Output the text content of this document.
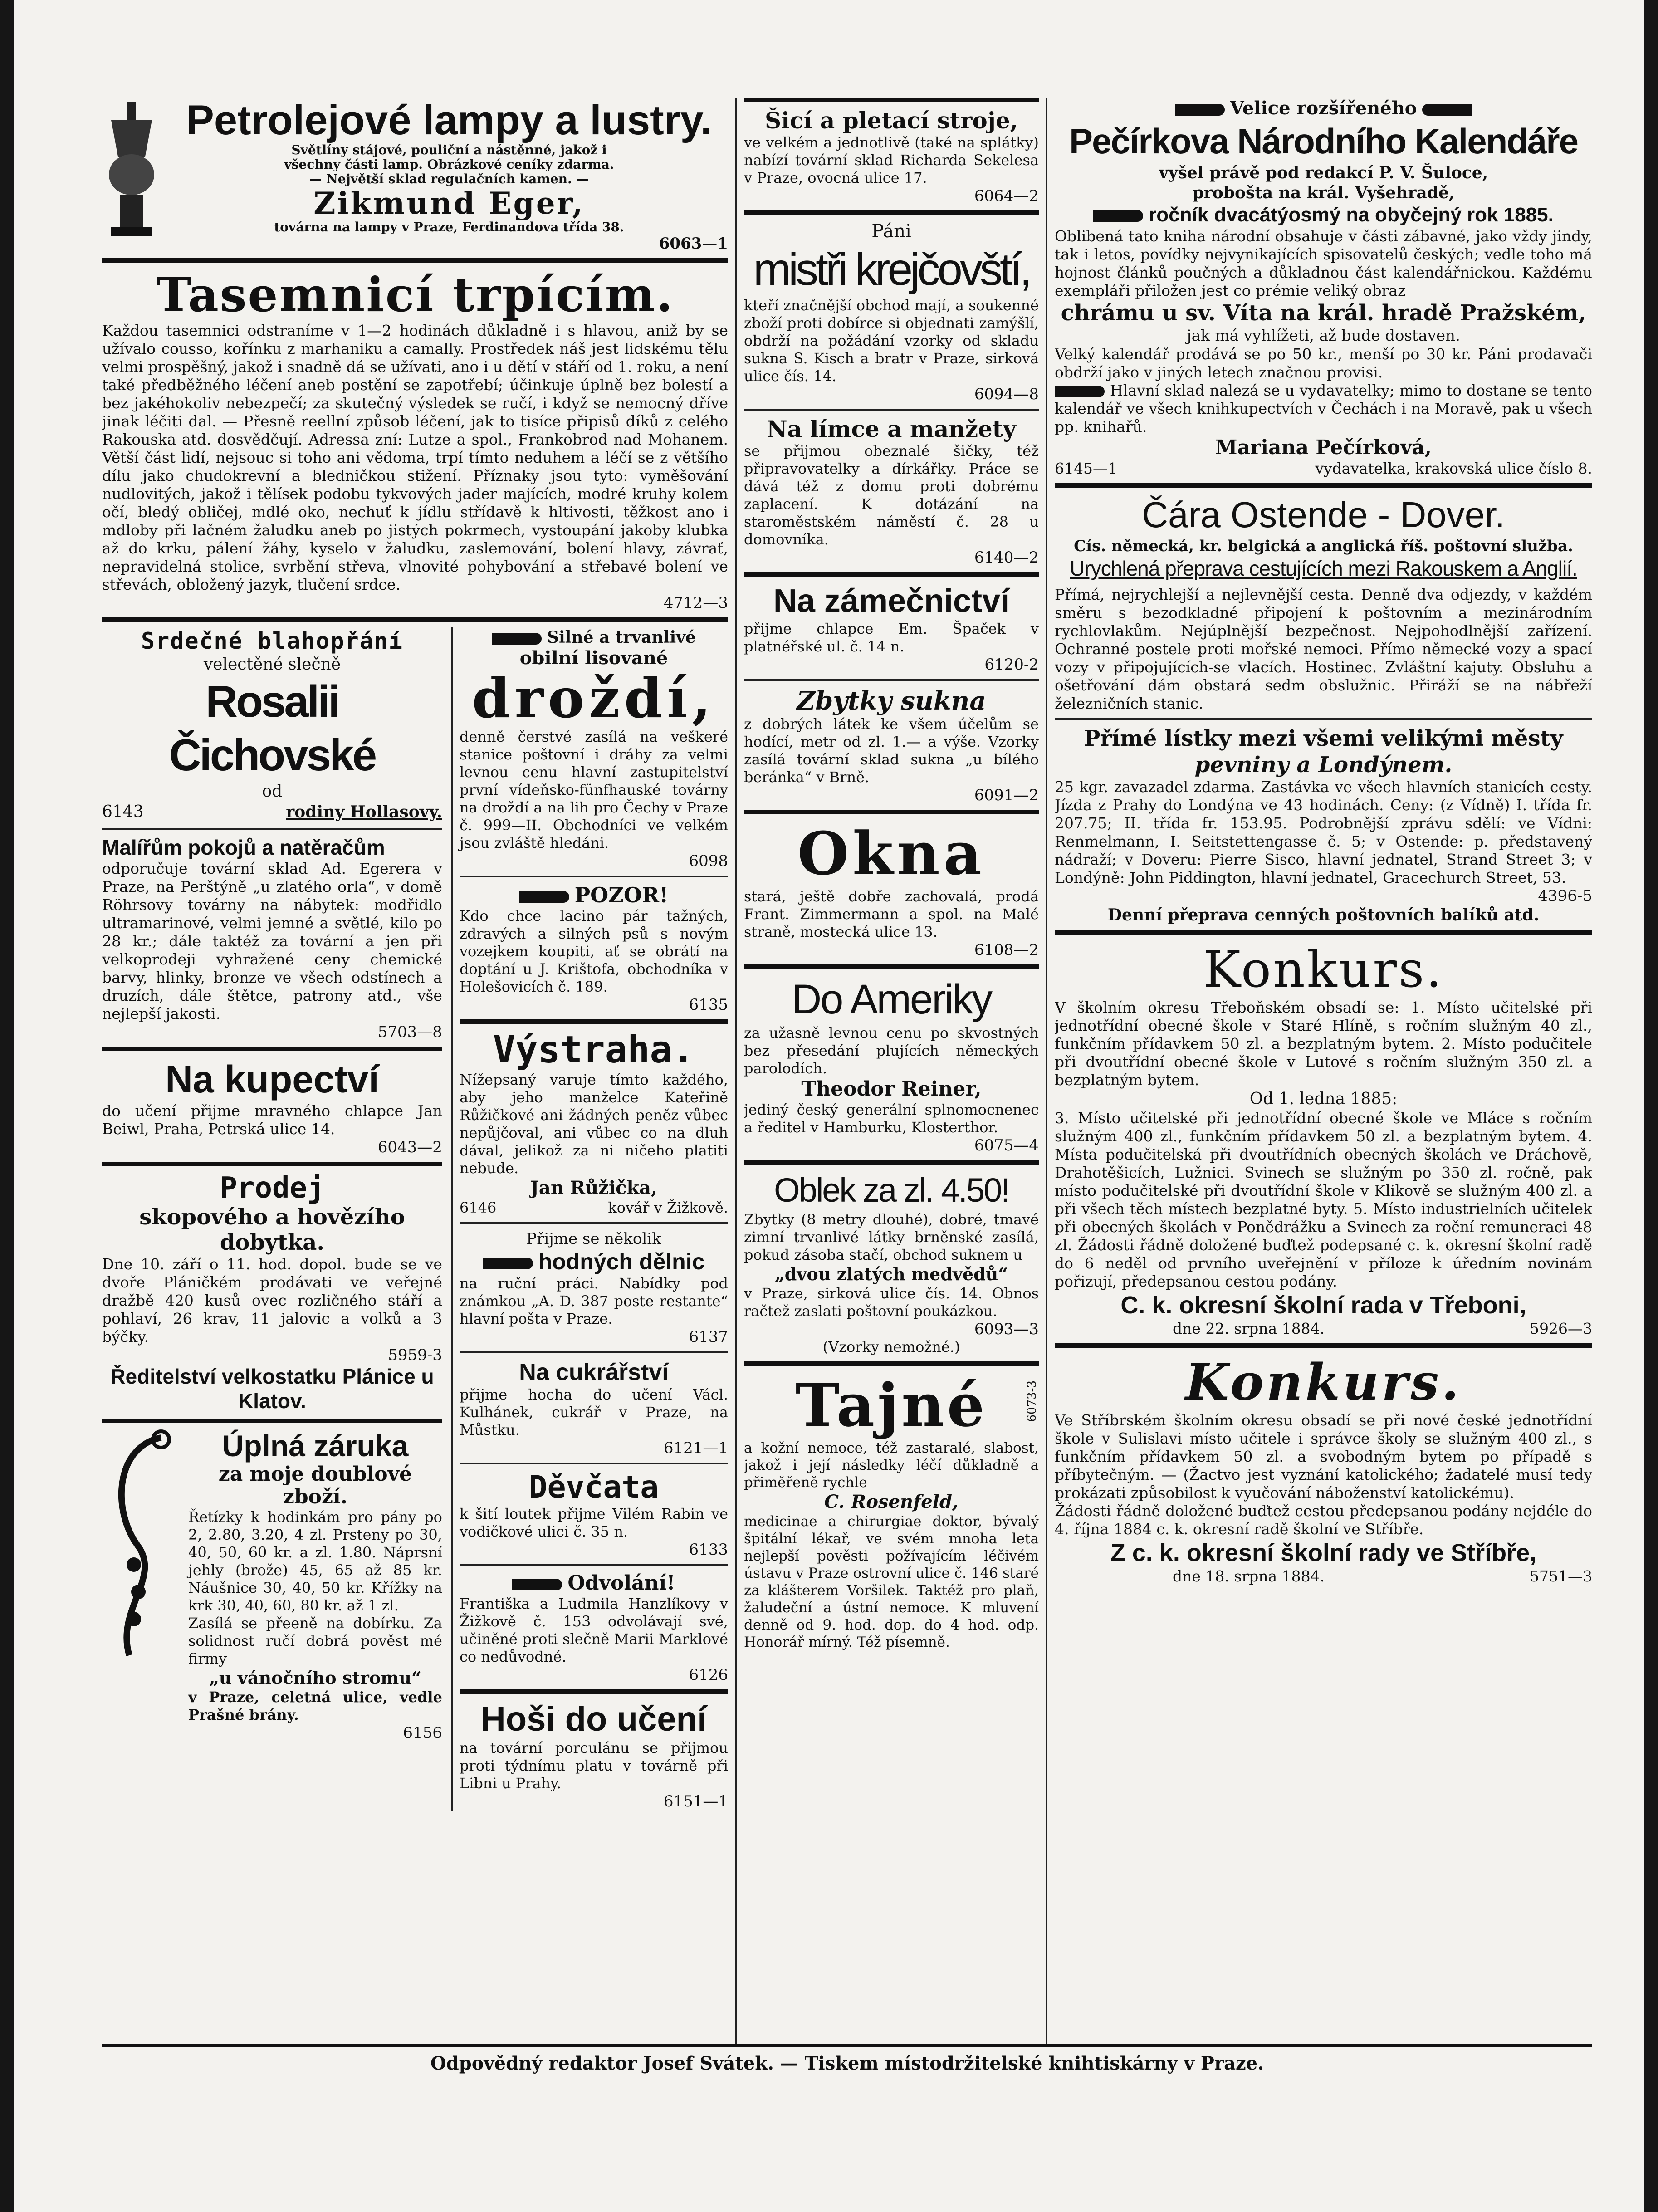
Petrolejové lampy a lustry.
Světlíny stájové, pouliční a nástěnné, jakož i
všechny části lamp. Obrázkové ceníky zdarma.
— Největší sklad regulačních kamen. —
Zikmund Eger,
továrna na lampy v Praze, Ferdinandova třída 38.
6063—1
Tasemnicí trpícím.

Každou tasemnici odstraníme v 1—2 hodinách důkladně i s hlavou, aniž by se užívalo cousso, kořínku z marhaniku a camally. Prostředek náš jest lidskému tělu velmi prospěšný, jakož i snadně dá se užívati, ano i u dětí v stáří od 1. roku, a není také předběžného léčení aneb postění se zapotřebí; účinkuje úplně bez bolestí a bez jakéhokoliv nebezpečí; za skutečný výsledek se ručí, i když se nemocný dříve jinak léčiti dal. — Přesně reellní způsob léčení, jak to tisíce připisů díků z celého Rakouska atd. dosvědčují. Adressa zní: Lutze a spol., Frankobrod nad Mohanem. Větší část lidí, nejsouc si toho ani vědoma, trpí tímto neduhem a léčí se z většího dílu jako chudokrevní a bledničkou stižení. Příznaky jsou tyto: vyměšování nudlovitých, jakož i tělísek podobu tykvových jader majících, modré kruhy kolem očí, bledý obličej, mdlé oko, nechuť k jídlu střídavě k hltivosti, těžkost ano i mdloby při lačném žaludku aneb po jistých pokrmech, vystoupání jakoby klubka až do krku, pálení žáhy, kyselo v žaludku, zaslemování, bolení hlavy, závrať, nepravidelná stolice, svrbění střeva, vlnovité pohybování a střebavé bolení ve střevách, obložený jazyk, tlučení srdce.

4712—3
Srdečné blahopřání
velectěné slečně
Rosalii Čichovské
od
6143	rodiny Hollasovy.
Malířům pokojů a natěračům

odporučuje tovární sklad Ad. Egerera v Praze, na Perštýně „u zlatého orla“, v domě Röhrsovy továrny na nábytek: modřidlo ultramarinové, velmi jemné a světlé, kilo po 28 kr.; dále taktéž za tovární a jen při velkoprodeji vyhražené ceny chemické barvy, hlinky, bronze ve všech odstínech a druzích, dále štětce, patrony atd., vše nejlepší jakosti.

5703—8
Na kupectví

do učení přijme mravného chlapce Jan Beiwl, Praha, Petrská ulice 14.

6043—2
Prodej
skopového a hovězího dobytka.

Dne 10. září o 11. hod. dopol. bude se ve dvoře Pláničkém prodávati ve veřejné dražbě 420 kusů ovec rozličného stáří a pohlaví, 26 krav, 11 jalovic a volků a 3 býčky.

5959-3
Ředitelství velkostatku Plánice u Klatov.
Úplná záruka
za moje doublové zboží.

Řetízky k hodinkám pro pány po 2, 2.80, 3.20, 4 zl. Prsteny po 30, 40, 50, 60 kr. a zl. 1.80. Náprsní jehly (brože) 45, 65 až 85 kr. Náušnice 30, 40, 50 kr. Křížky na krk 30, 40, 60, 80 kr. až 1 zl.

Zasílá se přeeně na dobírku. Za solidnost ručí dobrá pověst mé firmy

„u vánočního stromu“

v Praze, celetná ulice, vedle Prašné brány.

6156
Silné a trvanlivé
obilní lisované
droždí,

denně čerstvé zasílá na veškeré stanice poštovní i dráhy za velmi levnou cenu hlavní zastupitelství první vídeňsko-fünfhauské továrny na droždí a na lih pro Čechy v Praze č. 999—II. Obchodníci ve velkém jsou zvláště hledáni.

6098
POZOR!

Kdo chce lacino pár tažných, zdravých a silných psů s novým vozejkem koupiti, ať se obrátí na doptání u J. Krištofa, obchodníka v Holešovicích č. 189.

6135
Výstraha.

Nížepsaný varuje tímto každého, aby jeho manželce Kateřině Růžičkové ani žádných peněz vůbec nepůjčoval, ani vůbec co na dluh dával, jelikož za ni ničeho platiti nebude.

Jan Růžička,
6146	kovář v Žižkově.
Přijme se několik
hodných dělnic

na ruční práci. Nabídky pod známkou „A. D. 387 poste restante“ hlavní pošta v Praze.

6137
Na cukrářství

přijme hocha do učení Václ. Kulhánek, cukrář v Praze, na Můstku.

6121—1
Děvčata

k šití loutek přijme Vilém Rabin ve vodičkové ulici č. 35 n.

6133
Odvolání!

Františka a Ludmila Hanzlíkovy v Žižkově č. 153 odvolávají své, učiněné proti slečně Marii Marklové co nedůvodné.

6126
Hoši do učení

na tovární porculánu se přijmou proti týdnímu platu v továrně při Libni u Prahy.

6151—1
Šicí a pletací stroje,

ve velkém a jednotlivě (také na splátky) nabízí tovární sklad Richarda Sekelesa v Praze, ovocná ulice 17.

6064—2
Páni
mistři krejčovští,

kteří značnější obchod mají, a soukenné zboží proti dobírce si objednati zamýšlí, obdrží na požádání vzorky od skladu sukna S. Kisch a bratr v Praze, sirková ulice čís. 14.

6094—8
Na límce a manžety

se přijmou obeznalé šičky, též připravovatelky a dírkářky. Práce se dává též z domu proti dobrému zaplacení. K dotázání na staroměstském náměstí č. 28 u domovníka.

6140—2
Na zámečnictví

přijme chlapce Em. Špaček v platnéřské ul. č. 14 n.

6120-2
Zbytky sukna

z dobrých látek ke všem účelům se hodící, metr od zl. 1.— a výše. Vzorky zasílá tovární sklad sukna „u bílého beránka“ v Brně.

6091—2
Okna

stará, ještě dobře zachovalá, prodá Frant. Zimmermann a spol. na Malé straně, mostecká ulice 13.

6108—2
Do Ameriky

za užasně levnou cenu po skvostných bez přesedání plujících německých parolodích.

Theodor Reiner,

jediný český generální splnomocnenec a ředitel v Hamburku, Klosterthor.

6075—4
Oblek za zl. 4.50!

Zbytky (8 metry dlouhé), dobré, tmavé zimní trvanlivé látky brněnské zasílá, pokud zásoba stačí, obchod suknem u

„dvou zlatých medvědů“

v Praze, sirková ulice čís. 14. Obnos račtež zaslati poštovní poukázkou.

6093—3
(Vzorky nemožné.)
Tajné	6073-3

a kožní nemoce, též zastaralé, slabost, jakož i její následky léčí důkladně a přiměřeně rychle

C. Rosenfeld,

medicinae a chirurgiae doktor, bývalý špitální lékař, ve svém mnoha leta nejlepší pověsti požívajícím léčivém ústavu v Praze ostrovní ulice č. 146 staré za klášterem Voršilek. Taktéž pro plaň, žaludeční a ústní nemoce. K mluvení denně od 9. hod. dop. do 4 hod. odp. Honorář mírný. Též písemně.

Velice rozšířeného
Pečírkova Národního Kalendáře
vyšel právě pod redakcí P. V. Šuloce,
probošta na král. Vyšehradě,
ročník dvacátýosmý na obyčejný rok 1885.

Oblibená tato kniha národní obsahuje v části zábavné, jako vždy jindy, tak i letos, povídky nejvynikajících spisovatelů českých; vedle toho má hojnost článků poučných a důkladnou část kalendářnickou. Každému exempláři přiložen jest co prémie veliký obraz

chrámu u sv. Víta na král. hradě Pražském,
jak má vyhlížeti, až bude dostaven.

Velký kalendář prodává se po 50 kr., menší po 30 kr. Páni prodavači obdrží jako v jiných letech značnou provisi.

Hlavní sklad nalezá se u vydavatelky; mimo to dostane se tento kalendář ve všech knihkupectvích v Čechách i na Moravě, pak u všech pp. knihařů.

Mariana Pečírková,
6145—1	vydavatelka, krakovská ulice číslo 8.
Čára Ostende - Dover.
Cís. německá, kr. belgická a anglická říš. poštovní služba.
Urychlená přeprava cestujících mezi Rakouskem a Anglií.

Přímá, nejrychlejší a nejlevnější cesta. Denně dva odjezdy, v každém směru s bezodkladné připojení k poštovním a mezinárodním rychlovlakům. Nejúplnější bezpečnost. Nejpohodlnější zařízení. Ochranné postele proti mořské nemoci. Přímo německé vozy a spací vozy v připojujících-se vlacích. Hostinec. Zvláštní kajuty. Obsluhu a ošetřování dám obstará sedm obslužnic. Přiráží se na nábřeží železničních stanic.

Přímé lístky mezi všemi velikými městy
pevniny a Londýnem.

25 kgr. zavazadel zdarma. Zastávka ve všech hlavních stanicích cesty. Jízda z Prahy do Londýna ve 43 hodinách. Ceny: (z Vídně) I. třída fr. 207.75; II. třída fr. 153.95. Podrobnější zprávu sdělí: ve Vídni: Renmelmann, I. Seitstettengasse č. 5; v Ostende: p. představený nádraží; v Doveru: Pierre Sisco, hlavní jednatel, Strand Street 3; v Londýně: John Piddington, hlavní jednatel, Gracechurch Street, 53.

4396-5
Denní přeprava cenných poštovních balíků atd.
Konkurs.

V školním okresu Třeboňském obsadí se: 1. Místo učitelské při jednotřídní obecné škole v Staré Hlíně, s ročním služným 40 zl., funkčním přídavkem 50 zl. a bezplatným bytem. 2. Místo podučitele při dvoutřídní obecné škole v Lutové s ročním služným 350 zl. a bezplatným bytem.

Od 1. ledna 1885:

3. Místo učitelské při jednotřídní obecné škole ve Mláce s ročním služným 400 zl., funkčním přídavkem 50 zl. a bezplatným bytem. 4. Místa podučitelská při dvoutřídních obecných školách ve Dráchově, Drahotěšicích, Lužnici. Svinech se služným po 350 zl. ročně, pak místo podučitelské při dvoutřídní škole v Klikově se služným 400 zl. a při všech těch místech bezplatné byty. 5. Místo industrielních učitelek při obecných školách v Ponědrážku a Svinech za roční remuneraci 48 zl. Žádosti řádně doložené buďtež podepsané c. k. okresní školní radě do 6 neděl od prvního uveřejnění v příloze k úředním novinám pořizují, předepsanou cestou podány.

C. k. okresní školní rada v Třeboni,
dne 22. srpna 1884.	5926—3
Konkurs.

Ve Stříbrském školním okresu obsadí se při nové české jednotřídní škole v Sulislavi místo učitele i správce školy se služným 400 zl., s funkčním přídavkem 50 zl. a svobodným bytem po případě s příbytečným. — (Žactvo jest vyznání katolického; žadatelé musí tedy prokázati způsobilost k vyučování náboženství katolickému).

Žádosti řádně doložené buďtež cestou předepsanou podány nejdéle do 4. října 1884 c. k. okresní radě školní ve Stříbře.

Z c. k. okresní školní rady ve Stříbře,
dne 18. srpna 1884.	5751—3
Odpovědný redaktor Josef Svátek. — Tiskem místodržitelské knihtiskárny v Praze.
